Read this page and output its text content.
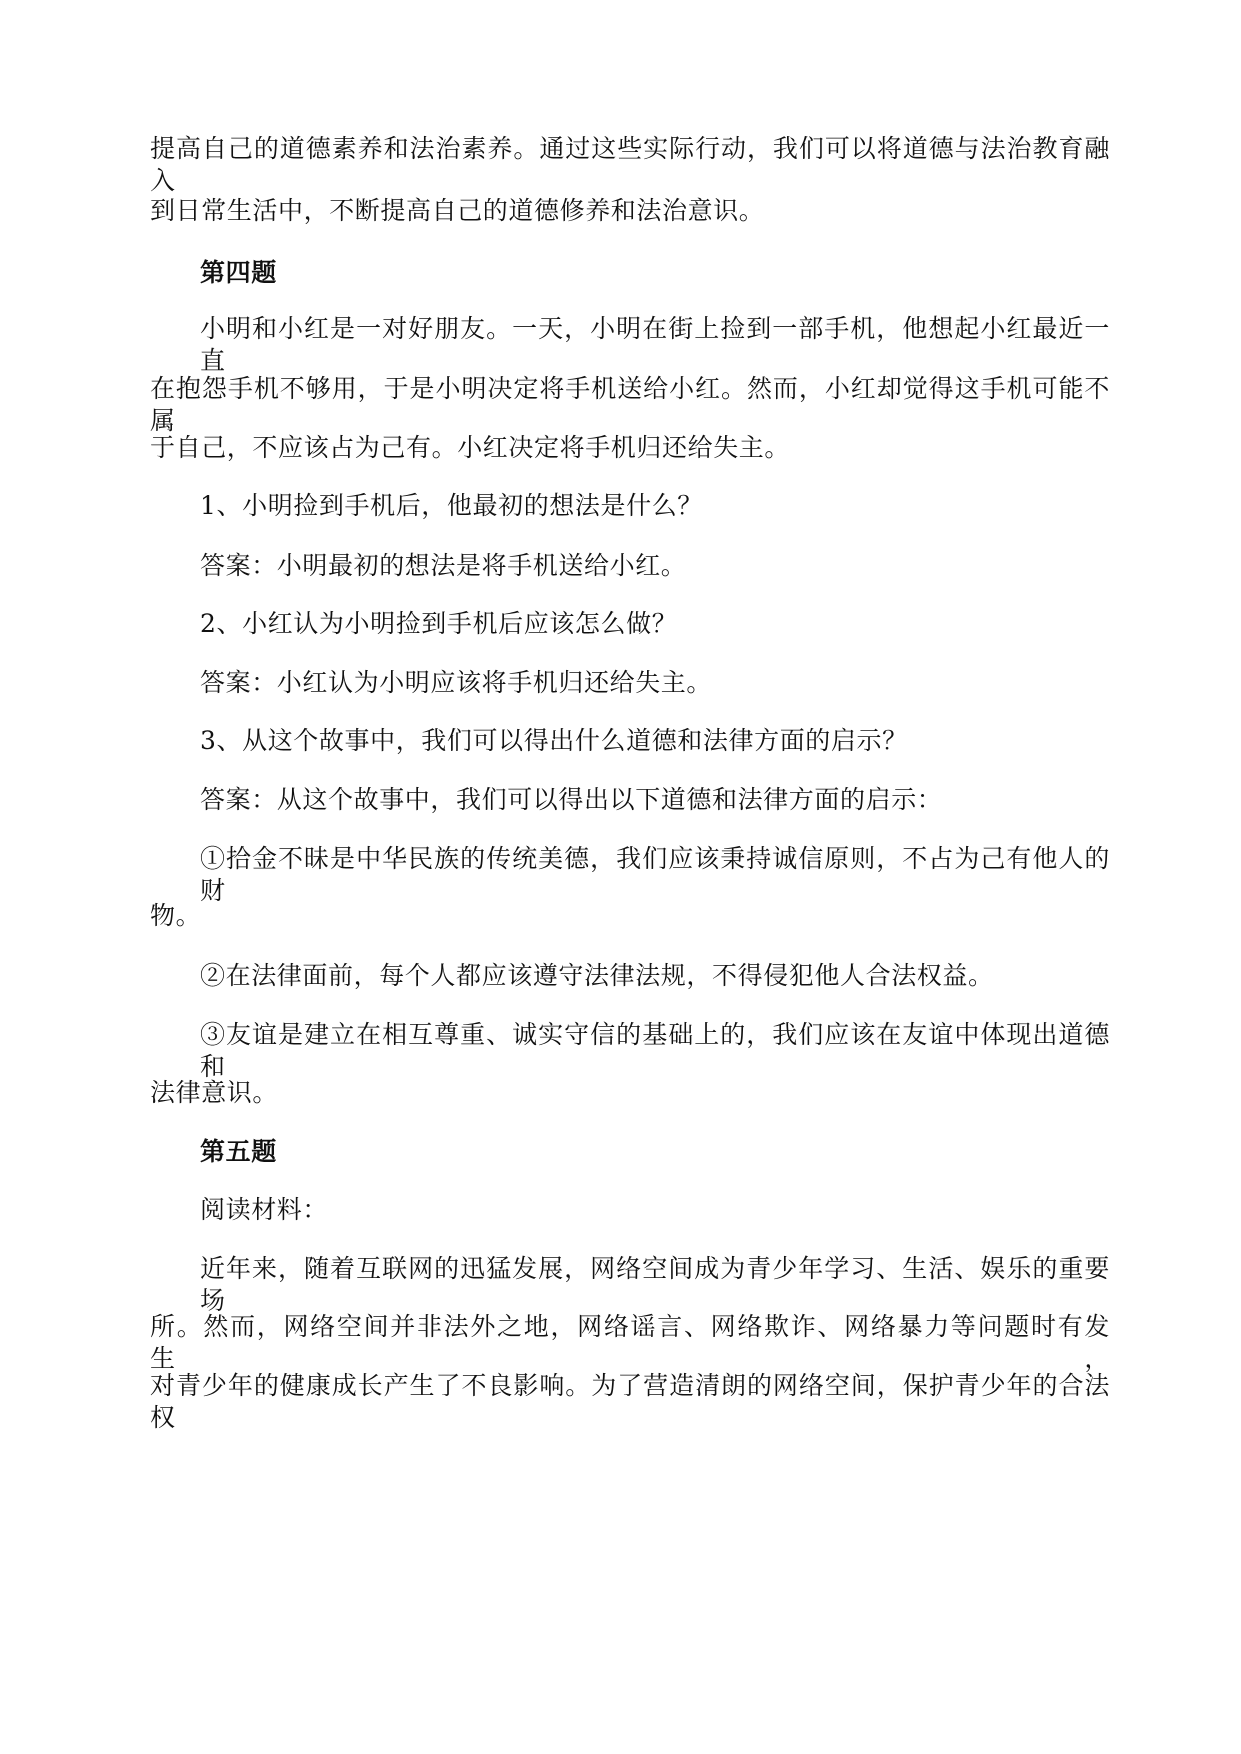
提高自己的道德素养和法治素养。通过这些实际行动，我们可以将道德与法治教育融入
到日常生活中，不断提高自己的道德修养和法治意识。
第四题
小明和小红是一对好朋友。一天，小明在街上捡到一部手机，他想起小红最近一直
在抱怨手机不够用，于是小明决定将手机送给小红。然而，小红却觉得这手机可能不属
于自己，不应该占为己有。小红决定将手机归还给失主。
1、小明捡到手机后，他最初的想法是什么？
答案：小明最初的想法是将手机送给小红。
2、小红认为小明捡到手机后应该怎么做？
答案：小红认为小明应该将手机归还给失主。
3、从这个故事中，我们可以得出什么道德和法律方面的启示？
答案：从这个故事中，我们可以得出以下道德和法律方面的启示：
①拾金不昧是中华民族的传统美德，我们应该秉持诚信原则，不占为己有他人的财
物。
②在法律面前，每个人都应该遵守法律法规，不得侵犯他人合法权益。
③友谊是建立在相互尊重、诚实守信的基础上的，我们应该在友谊中体现出道德和
法律意识。
第五题
阅读材料：
近年来，随着互联网的迅猛发展，网络空间成为青少年学习、生活、娱乐的重要场
所。然而，网络空间并非法外之地，网络谣言、网络欺诈、网络暴力等问题时有发生，
对青少年的健康成长产生了不良影响。为了营造清朗的网络空间，保护青少年的合法权
